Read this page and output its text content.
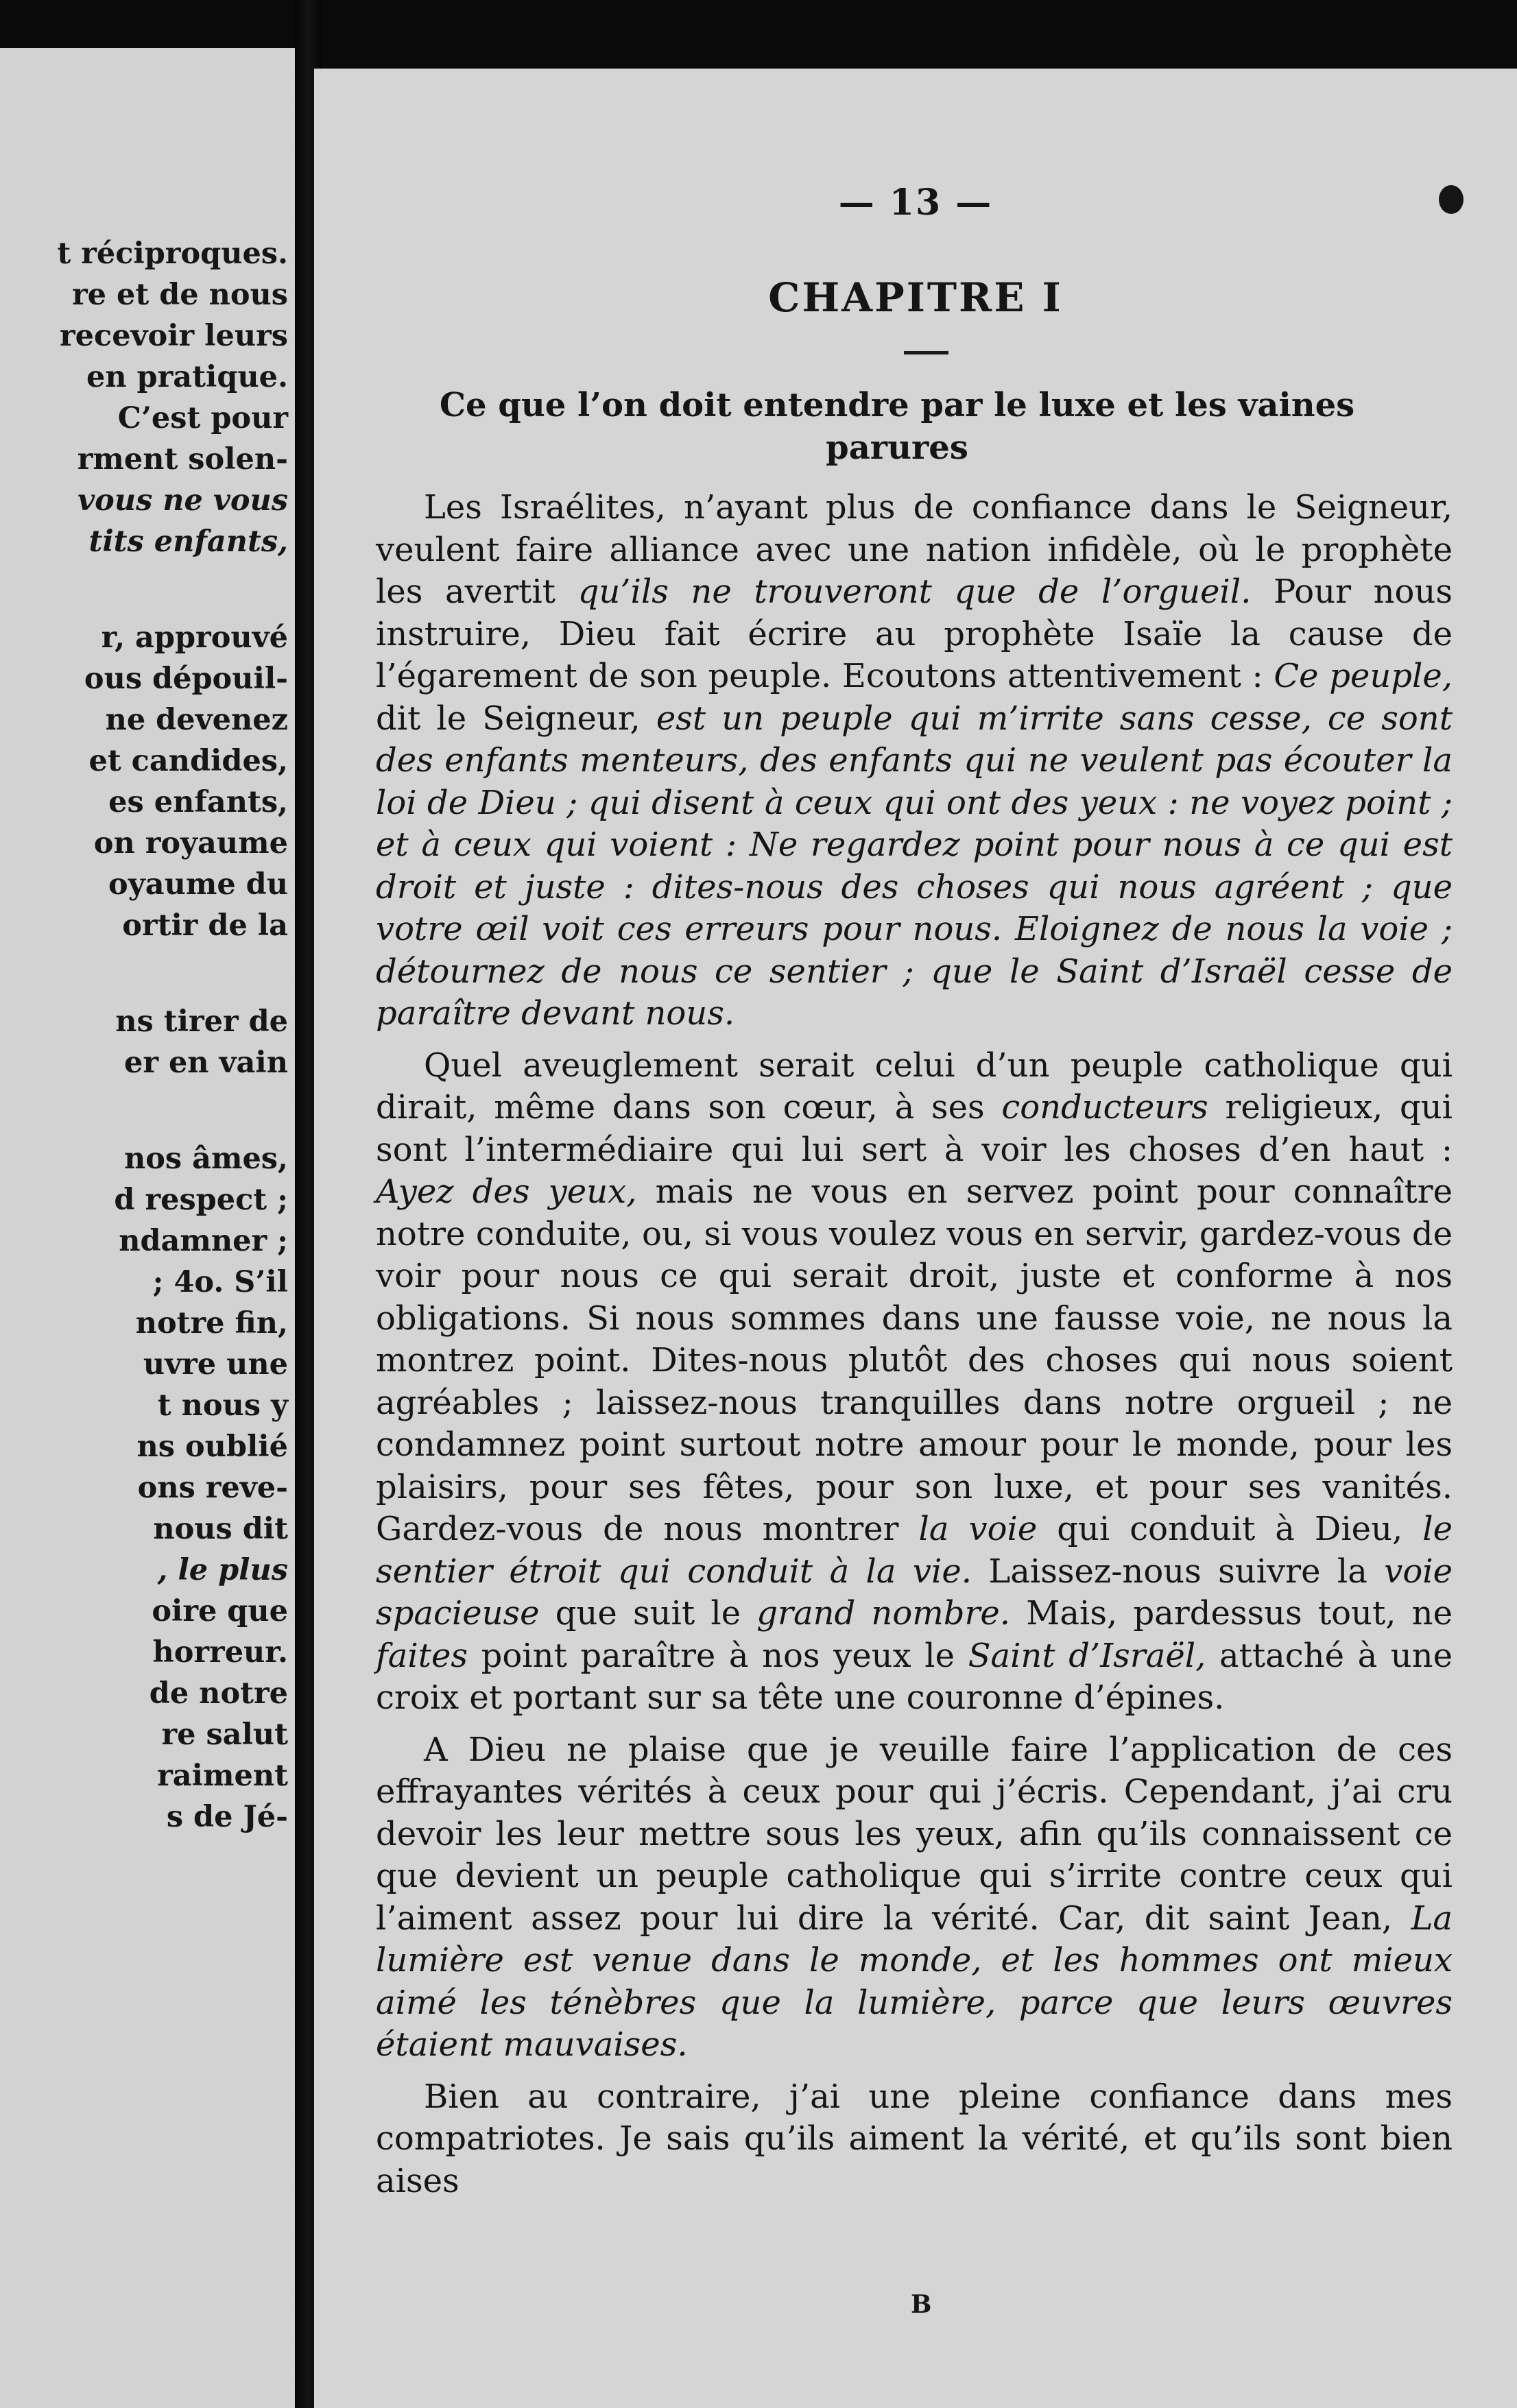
t réciproques.
re et de nous
recevoir leurs
en pratique.
C’est pour
rment solen-
vous ne vous
tits enfants,
r, approuvé
ous dépouil-
ne devenez
et candides,
es enfants,
on royaume
oyaume du
ortir de la
ns tirer de
er en vain
nos âmes,
d respect ;
ndamner ;
; 4o. S’il
notre fin,
uvre une
t nous y
ns oublié
ons reve-
nous dit
, le plus
oire que
horreur.
de notre
re salut
raiment
s de Jé-
— 13 —
CHAPITRE I
Ce que l’on doit entendre par le luxe et les vaines parures

Les Israélites, n’ayant plus de confiance dans le Seigneur, veulent faire alliance avec une nation infidèle, où le prophète les avertit qu’ils ne trouveront que de l’orgueil. Pour nous instruire, Dieu fait écrire au prophète Isaïe la cause de l’égarement de son peuple. Ecoutons attentivement : Ce peuple, dit le Seigneur, est un peuple qui m’irrite sans cesse, ce sont des enfants menteurs, des enfants qui ne veulent pas écouter la loi de Dieu ; qui disent à ceux qui ont des yeux : ne voyez point ; et à ceux qui voient : Ne regardez point pour nous à ce qui est droit et juste : dites-nous des choses qui nous agréent ; que votre œil voit ces erreurs pour nous. Eloignez de nous la voie ; détournez de nous ce sentier ; que le Saint d’Israël cesse de paraître devant nous.

Quel aveuglement serait celui d’un peuple catholique qui dirait, même dans son cœur, à ses conducteurs religieux, qui sont l’intermédiaire qui lui sert à voir les choses d’en haut : Ayez des yeux, mais ne vous en servez point pour connaître notre conduite, ou, si vous voulez vous en servir, gardez-vous de voir pour nous ce qui serait droit, juste et conforme à nos obligations. Si nous sommes dans une fausse voie, ne nous la montrez point. Dites-nous plutôt des choses qui nous soient agréables ; laissez-nous tranquilles dans notre orgueil ; ne condamnez point surtout notre amour pour le monde, pour les plaisirs, pour ses fêtes, pour son luxe, et pour ses vanités. Gardez-vous de nous montrer la voie qui conduit à Dieu, le sentier étroit qui conduit à la vie. Laissez-nous suivre la voie spacieuse que suit le grand nombre. Mais, pardessus tout, ne faites point paraître à nos yeux le Saint d’Israël, attaché à une croix et portant sur sa tête une couronne d’épines.

A Dieu ne plaise que je veuille faire l’application de ces effrayantes vérités à ceux pour qui j’écris. Cependant, j’ai cru devoir les leur mettre sous les yeux, afin qu’ils connaissent ce que devient un peuple catholique qui s’irrite contre ceux qui l’aiment assez pour lui dire la vérité. Car, dit saint Jean, La lumière est venue dans le monde, et les hommes ont mieux aimé les ténèbres que la lumière, parce que leurs œuvres étaient mauvaises.

Bien au contraire, j’ai une pleine confiance dans mes compatriotes. Je sais qu’ils aiment la vérité, et qu’ils sont bien aises

B
